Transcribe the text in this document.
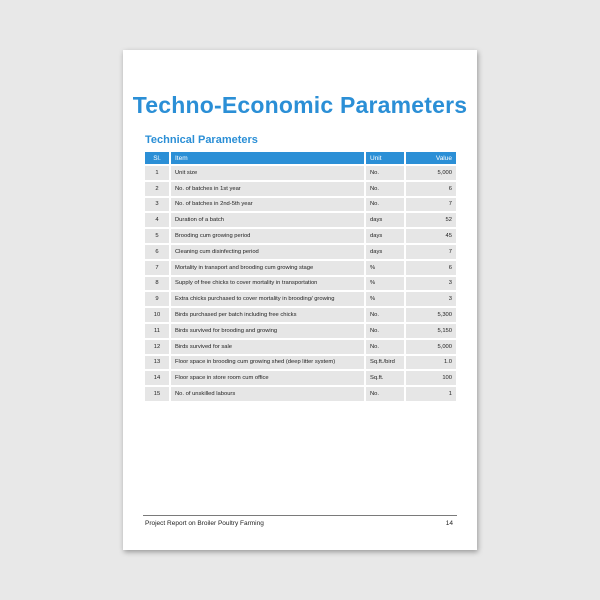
Techno-Economic Parameters
Technical Parameters
Sl.	Item	Unit	Value
1	Unit size	No.	5,000
2	No. of batches in 1st year	No.	6
3	No. of batches in 2nd-5th year	No.	7
4	Duration of a batch	days	52
5	Brooding cum growing period	days	45
6	Cleaning cum disinfecting period	days	7
7	Mortality in transport and brooding cum growing stage	%	6
8	Supply of free chicks to cover mortality in transportation	%	3
9	Extra chicks purchased to cover mortality in brooding/ growing	%	3
10	Birds purchased per batch including free chicks	No.	5,300
11	Birds survived for brooding and growing	No.	5,150
12	Birds survived for sale	No.	5,000
13	Floor space in brooding cum growing shed (deep litter system)	Sq.ft./bird	1.0
14	Floor space in store room cum office	Sq.ft.	100
15	No. of unskilled labours	No.	1
Project Report on Broiler Poultry Farming	14
